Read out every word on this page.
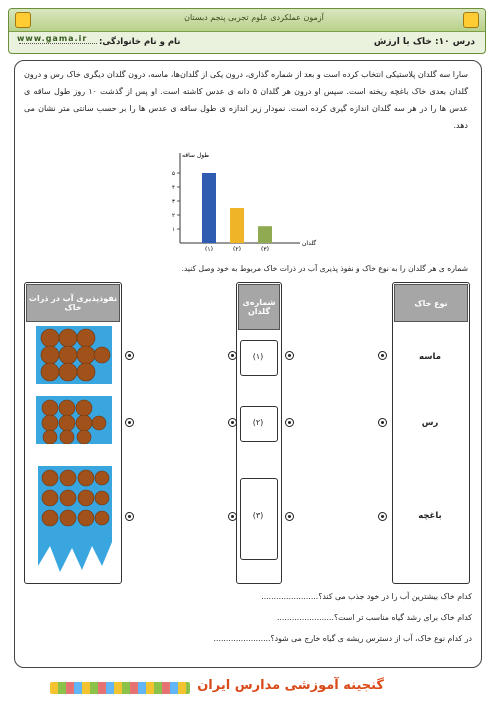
آزمون عملکردی علوم تجربی پنجم دبستان
www.gama.ir	درس ۱۰: خاک با ارزش
نام و نام خانوادگی:
سارا سه گلدان پلاستیکی انتخاب کرده است و بعد از شماره گذاری، درون یکی از گلدان‌ها، ماسه، درون گلدان دیگری خاک رس و درون گلدان بعدی خاک باغچه ریخته است. سپس او درون هر گلدان ۵ دانه ی عدس کاشته است. او پس از گذشت ۱۰ روز طول ساقه ی عدس ها را در هر سه گلدان اندازه گیری کرده است. نمودار زیر اندازه ی طول ساقه ی عدس ها را بر حسب سانتی متر نشان می دهد.
طول ساقه
گلدان
۱
۲
۳
۴
۵
(۱)	(۲)	(۳)
شماره ی هر گلدان را به نوع خاک و نفوذ پذیری آب در ذرات خاک مربوط به خود وصل کنید.
نفوذپذیری آب در ذرات خاک
شماره‌ی گلدان
نوع خاک
(۱)
(۲)
(۳)
ماسه
رس
باغچه
کدام خاک بیشترین آب را در خود جذب می کند؟.......................
کدام خاک برای رشد گیاه مناسب تر است؟.......................
در کدام نوع خاک، آب از دسترس ریشه ی گیاه خارج می شود؟.......................
گنجینه آموزشی مدارس ایران
